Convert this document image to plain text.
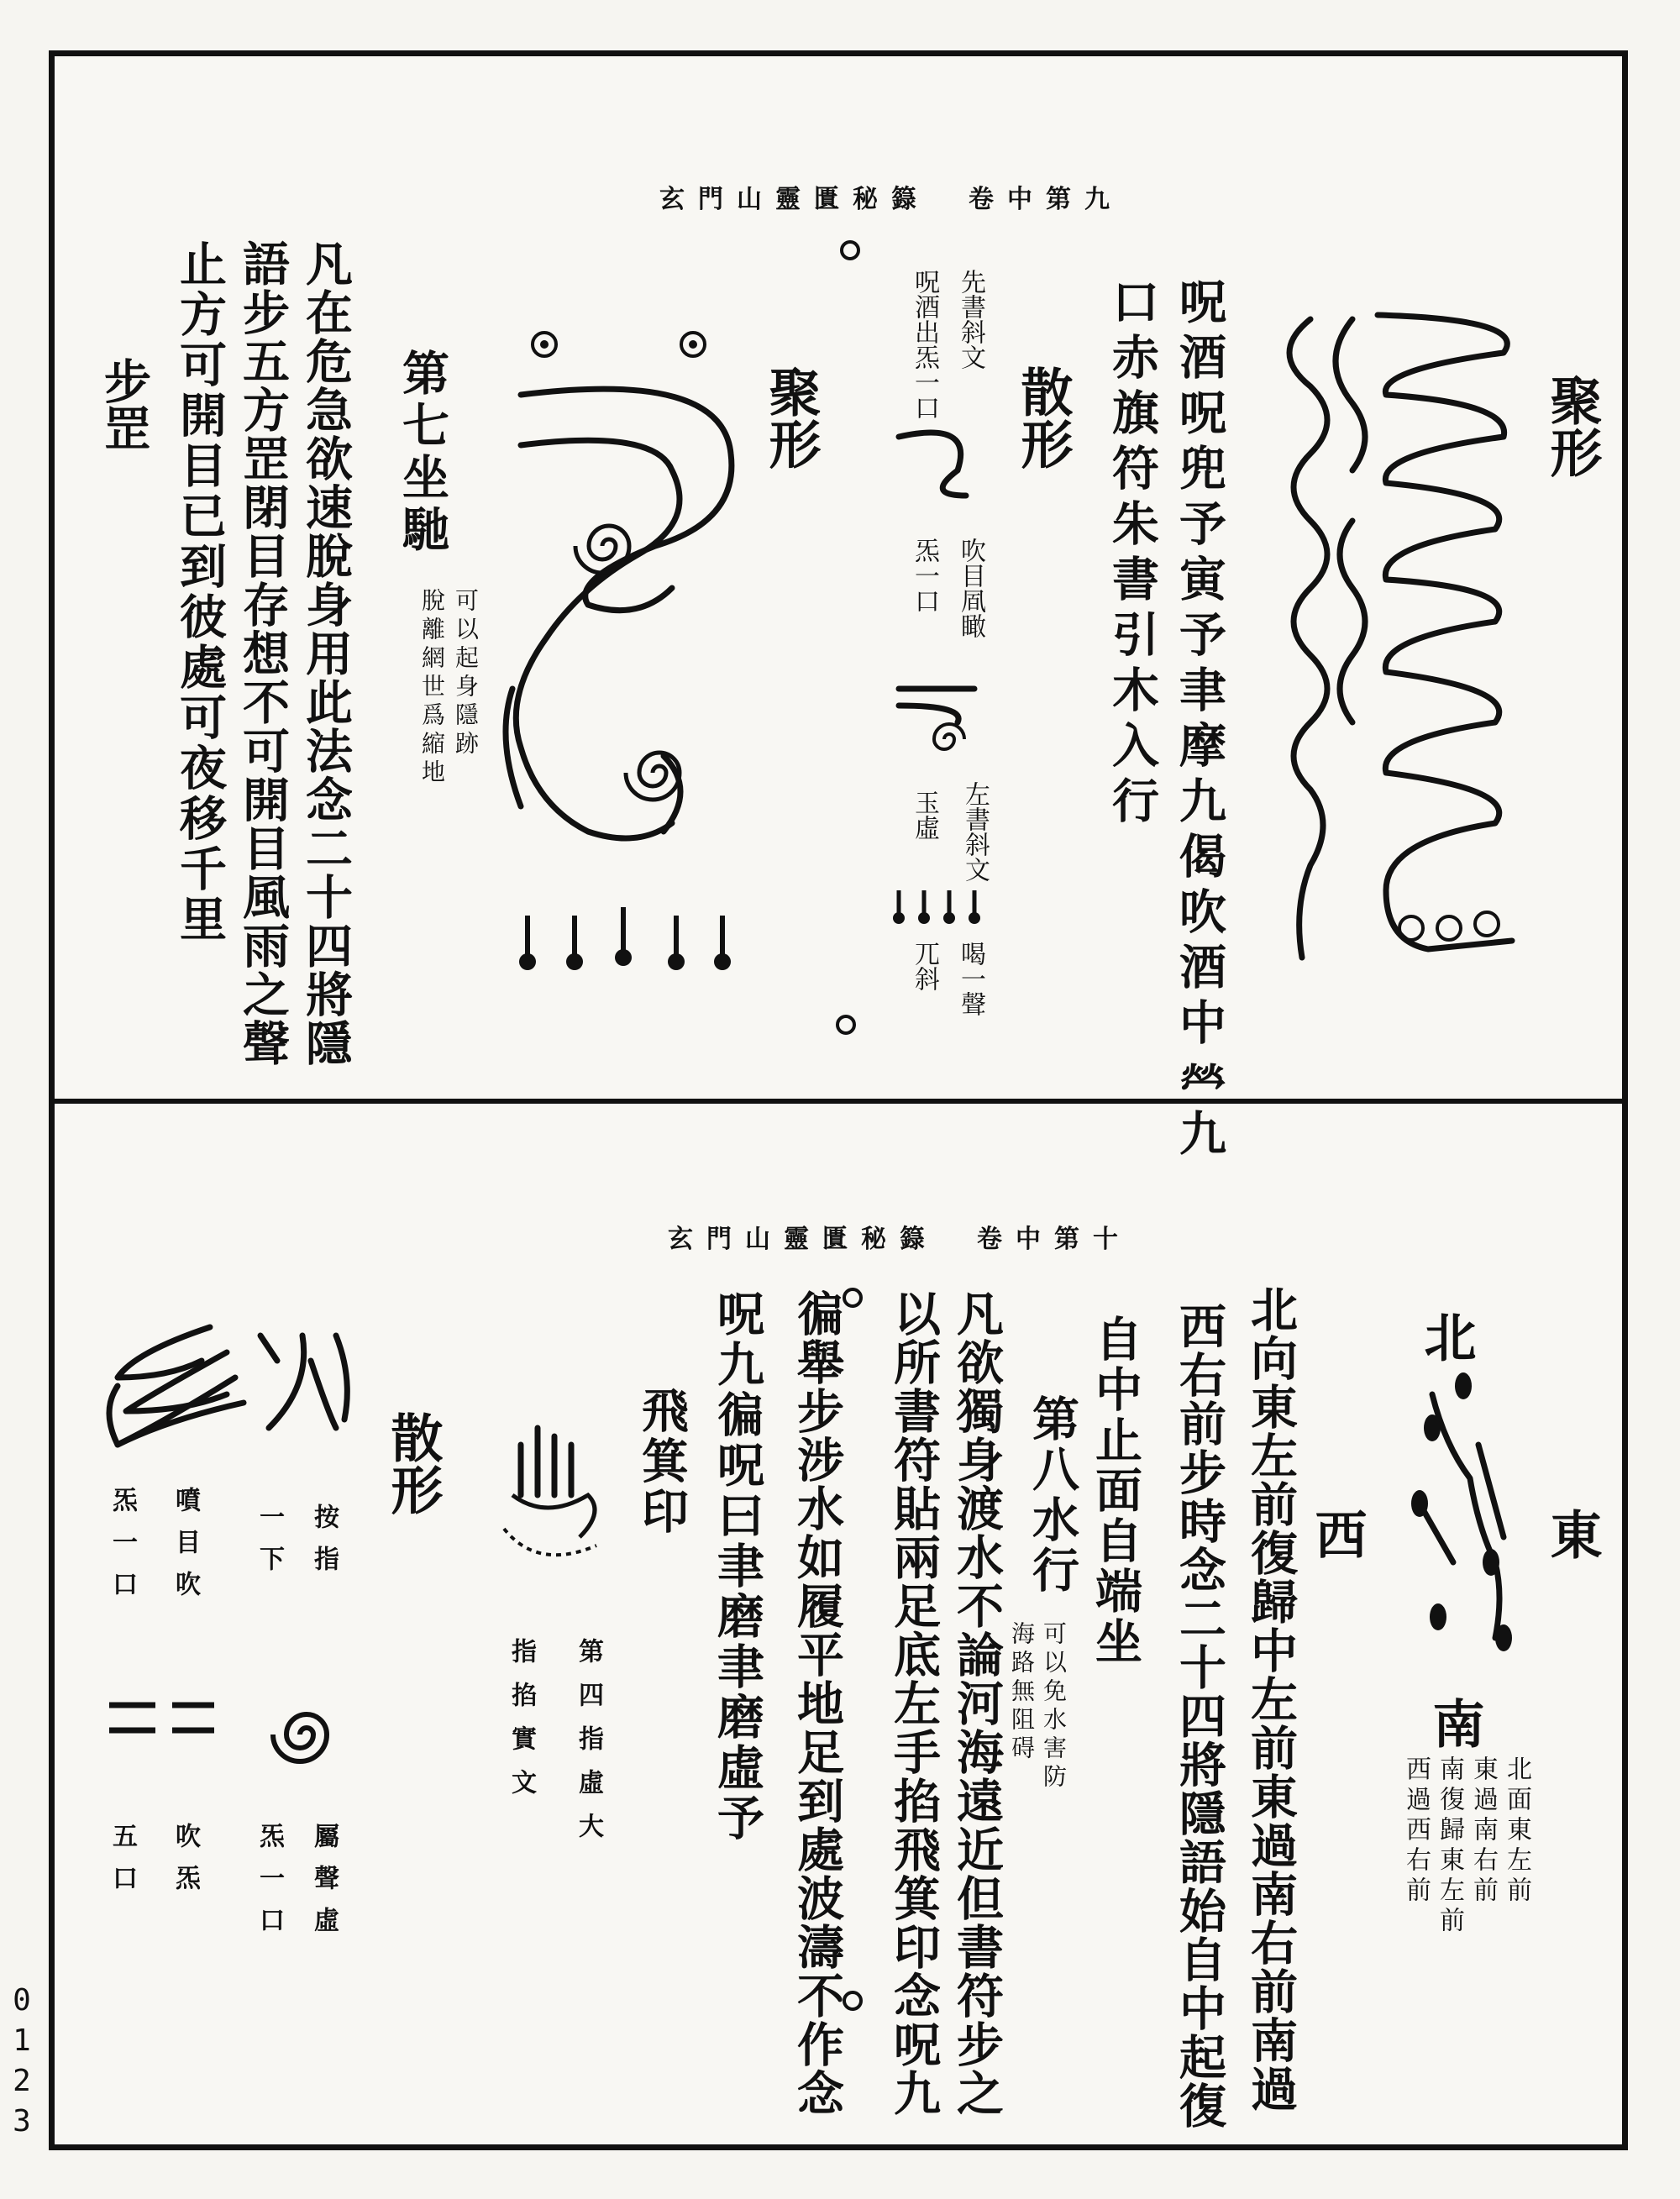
玄門山靈匱秘籙　卷中第九
聚形
呪酒呪兜予寅予聿摩九偈吹酒中𤇾九
口赤旗符朱書引木入行
散形
先書斜文
喝一聲
吹目凮瞰
炁一口
呪酒出炁一口
左書斜文
玉虛
兀斜
聚形
第七坐馳
可以起身隱跡
脫離網世爲縮地
凡在危急欲速脫身用此法念二十四將隱
語步五方罡閉目存想不可開目風雨之聲
止方可開目已到彼處可夜移千里
步罡
玄門山靈匱秘籙　卷中第十
北
東
西
南
北面東左前
東過南右前
南復歸東左前
西過西右前
北向東左前復歸中左前東過南右前南過
西右前步時念二十四將隱語始自中起復
自中止面自端坐
第八水行
可以免水害防
海路無阻碍
凡欲獨身渡水不論河海遠近但書符步之
以所書符貼兩足底左手掐飛箕印念呪九
徧舉步涉水如履平地足到處波濤不作念
呪九徧呪曰聿磨聿磨虛予
飛箕印
第四指虛大
指掐實文
散形
按指
一下
屬聲虛
炁一口
噴目吹
炁一口
吹炁
五口
0
1
2
3
